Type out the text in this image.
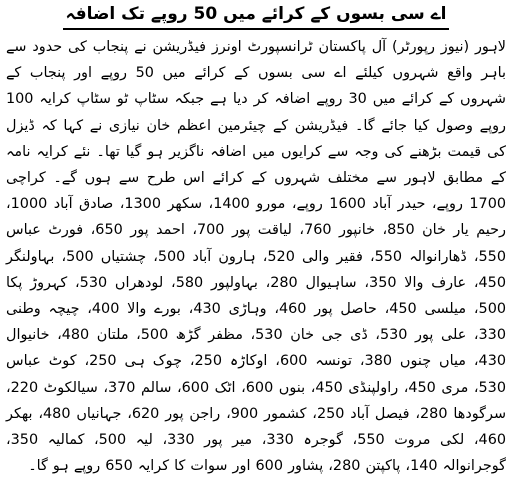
اے سی بسوں کے کرائے میں 50 روپے تک اضافہ

لاہور (نیوز رپورٹر) آل پاکستان ٹرانسپورٹ اونرز فیڈریشن نے پنجاب کی حدود سے باہر واقع شہروں کیلئے اے سی بسوں کے کرائے میں 50 روپے اور پنجاب کے شہروں کے کرائے میں 30 روپے اضافہ کر دیا ہے جبکہ سٹاپ ٹو سٹاپ کرایہ 100 روپے وصول کیا جائے گا۔ فیڈریشن کے چیئرمین اعظم خان نیازی نے کہا کہ ڈیزل کی قیمت بڑھنے کی وجہ سے کرایوں میں اضافہ ناگزیر ہو گیا تھا۔ نئے کرایہ نامہ کے مطابق لاہور سے مختلف شہروں کے کرائے اس طرح سے ہوں گے۔ کراچی 1700 روپے، حیدر آباد 1600 روپے، مورو 1400، سکھر 1300، صادق آباد 1000، رحیم یار خان 850، خانپور 760، لیاقت پور 700، احمد پور 650، فورٹ عباس 550، ڈھارانوالہ 550، فقیر والی 520، ہارون آباد 500، چشتیاں 500، بہاولنگر 450، عارف والا 350، ساہیوال 280، بہاولپور 580، لودھراں 530، کہروڑ پکا 500، میلسی 450، حاصل پور 460، وہاڑی 430، بورے والا 400، چیچہ وطنی 330، علی پور 530، ڈی جی خان 530، مظفر گڑھ 500، ملتان 480، خانیوال 430، میاں چنوں 380، تونسہ 600، اوکاڑہ 250، چوک ہی 250، کوٹ عباس 530، مری 450، راولپنڈی 450، بنوں 600، اٹک 600، سالم 370، سیالکوٹ 220، سرگودھا 280، فیصل آباد 250، کشمور 900، راجن پور 620، جہانیاں 480، بھکر 460، لکی مروت 550، گوجرہ 330، میر پور 330، لیہ 500، کمالیہ 350، گوجرانوالہ 140، پاکپتن 280، پشاور 600 اور سوات کا کرایہ 650 روپے ہو گا۔
